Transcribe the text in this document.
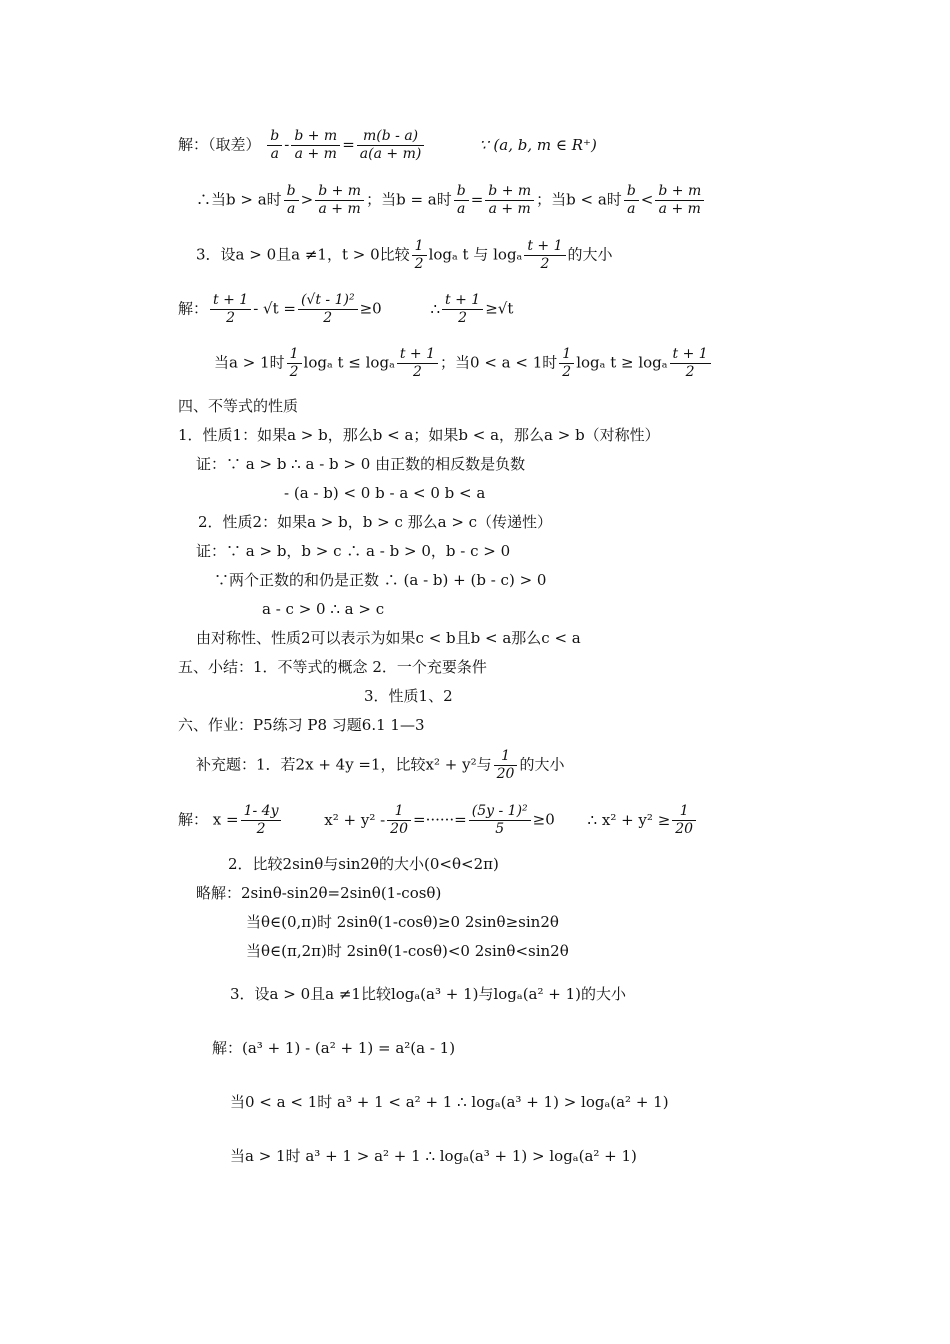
解：（取差） $\frac{b}{a} - \frac{b + m}{a + m} = \frac{m(b - a)}{a(a + m)}$	∵ (a, b, m ∈ R⁺)
∴当b > a时 $\frac{b}{a} > \frac{b + m}{a + m}$ ；当b = a时 $\frac{b}{a} = \frac{b + m}{a + m}$ ；当b < a时 $\frac{b}{a} < \frac{b + m}{a + m}$
3．设a > 0且a ≠1，t > 0比较 $\frac{1}{2}$ logₐ t 与 logₐ $\frac{t + 1}{2}$ 的大小
解： $\frac{t + 1}{2} - √t = \frac{\text{(√t - 1)²}}{2} \ge 0$	∴ $\frac{t + 1}{2} \ge√t$
当a > 1时 $\frac{1}{2}$ logₐ t ≤ logₐ $\frac{t + 1}{2}$ ；当0 < a < 1时 $\frac{1}{2}$ logₐ t ≥ logₐ $\frac{t + 1}{2}$
四、不等式的性质
1．性质1：如果a > b，那么b < a；如果b < a，那么a > b（对称性）
证：∵ a > b ∴ a - b > 0 由正数的相反数是负数
- (a - b) < 0 b - a < 0 b < a
2．性质2：如果a > b，b > c 那么a > c（传递性）
证：∵ a > b，b > c ∴ a - b > 0，b - c > 0
∵两个正数的和仍是正数 ∴ (a - b) + (b - c) > 0
a - c > 0 ∴ a > c
由对称性、性质2可以表示为如果c < b且b < a那么c < a
五、小结：1．不等式的概念 2．一个充要条件
3．性质1、2
六、作业：P5练习 P8 习题6.1 1—3
补充题：1．若2x + 4y =1，比较x² + y²与 $\frac{1}{20}$ 的大小
解： $x = \frac{1- 4y}{2}$	$x^2 + y^2 - \frac{1}{20}$ =······= $\frac{\text{(5y - 1)²}}{5} \ge 0$ ∴ $x^2 + y^2 \ge \frac{1}{20}$
2．比较2sinθ与sin2θ的大小(0<θ<2π)
略解：2sinθ-sin2θ=2sinθ(1-cosθ)
当θ∈(0,π)时 2sinθ(1-cosθ)≥0 2sinθ≥sin2θ
当θ∈(π,2π)时 2sinθ(1-cosθ)<0 2sinθ<sin2θ
3．设a > 0且a ≠1比较logₐ(a³ + 1)与logₐ(a² + 1)的大小
解：(a³ + 1) - (a² + 1) = a²(a - 1)
当0 < a < 1时 a³ + 1 < a² + 1 ∴ logₐ(a³ + 1) > logₐ(a² + 1)
当a > 1时 a³ + 1 > a² + 1 ∴ logₐ(a³ + 1) > logₐ(a² + 1)
